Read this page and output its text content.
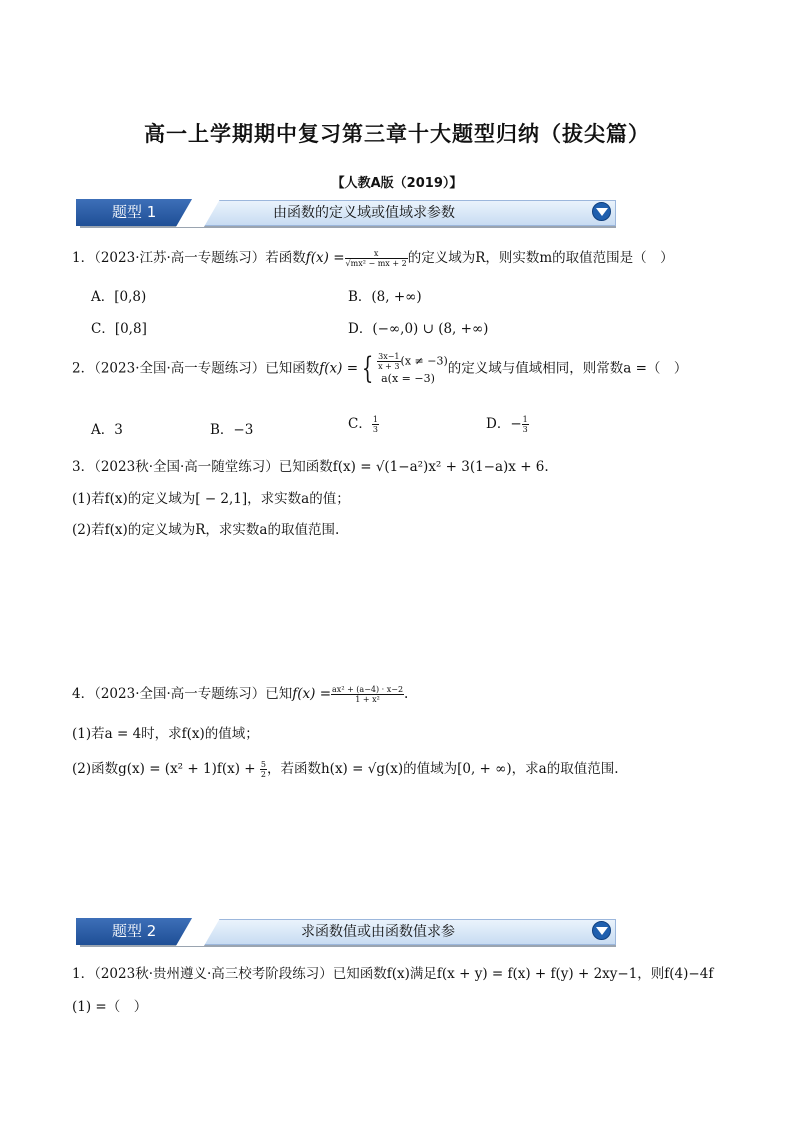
高一上学期期中复习第三章十大题型归纳（拔尖篇）
【人教A版（2019）】
由函数的定义域或值域求参数
题型 1
1．（2023·江苏·高一专题练习）若函数$f(x) = \frac{x}{\text{√mx² − mx + 2}}$ 的定义域为R，则实数m的取值范围是（　）
A．[0,8)	B．(8, +∞)
C．[0,8]	D．(−∞,0) ∪ (8, +∞)
2．（2023·全国·高一专题练习）已知函数f(x) = { $\frac{3x-1}{x + 3} (x \ne -3)$
a(x = −3)
的定义域与值域相同，则常数a =（　）
A．3	B．−3	C． $\frac{1}{3}$	D．− $\frac{1}{3}$
3．（2023秋·全国·高一随堂练习）已知函数f(x) = √(1−a²)x² + 3(1−a)x + 6.
(1)若f(x)的定义域为[ − 2,1]，求实数a的值；
(2)若f(x)的定义域为R，求实数a的取值范围.
4．（2023·全国·高一专题练习）已知$f(x) = \frac{\text{ax² + (a−4) · x−2}}{\text{1 + x²}}$ .
(1)若a = 4时，求f(x)的值域；
(2)函数$g(x) = (x^2 + 1)f(x) + \frac{5}{2}$ ，若函数h(x) = √g(x)的值域为[0, + ∞)，求a的取值范围.
求函数值或由函数值求参
题型 2
1．（2023秋·贵州遵义·高三校考阶段练习）已知函数f(x)满足f(x + y) = f(x) + f(y) + 2xy−1，则f(4)−4f
(1) =（　）
